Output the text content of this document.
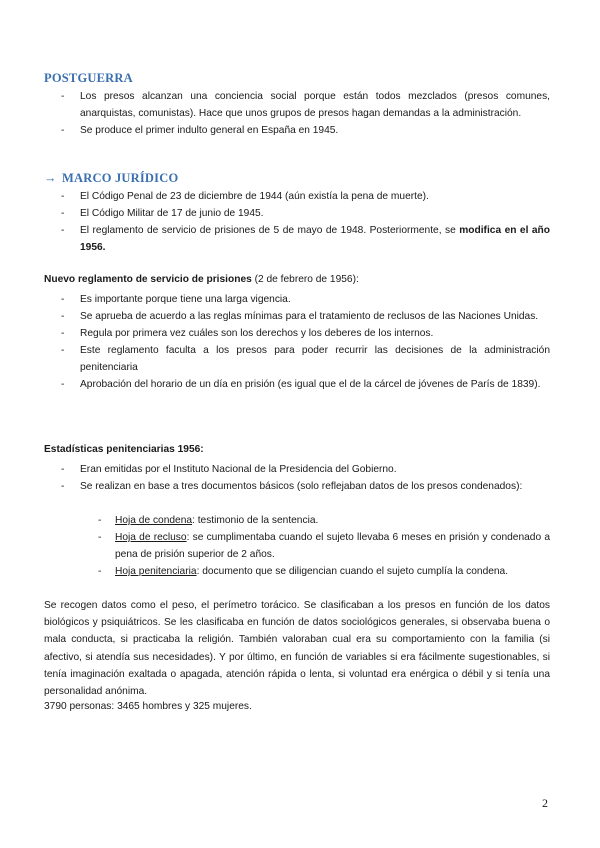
POSTGUERRA
- Los presos alcanzan una conciencia social porque están todos mezclados (presos comunes, anarquistas, comunistas). Hace que unos grupos de presos hagan demandas a la administración.
- Se produce el primer indulto general en España en 1945.
→ MARCO JURÍDICO
- El Código Penal de 23 de diciembre de 1944 (aún existía la pena de muerte).
- El Código Militar de 17 de junio de 1945.
- El reglamento de servicio de prisiones de 5 de mayo de 1948. Posteriormente, se modifica en el año 1956.
Nuevo reglamento de servicio de prisiones (2 de febrero de 1956):
- Es importante porque tiene una larga vigencia.
- Se aprueba de acuerdo a las reglas mínimas para el tratamiento de reclusos de las Naciones Unidas.
- Regula por primera vez cuáles son los derechos y los deberes de los internos.
- Este reglamento faculta a los presos para poder recurrir las decisiones de la administración penitenciaria
- Aprobación del horario de un día en prisión (es igual que el de la cárcel de jóvenes de París de 1839).
Estadísticas penitenciarias 1956:
- Eran emitidas por el Instituto Nacional de la Presidencia del Gobierno.
- Se realizan en base a tres documentos básicos (solo reflejaban datos de los presos condenados):
- Hoja de condena: testimonio de la sentencia.
- Hoja de recluso: se cumplimentaba cuando el sujeto llevaba 6 meses en prisión y condenado a pena de prisión superior de 2 años.
- Hoja penitenciaria: documento que se diligencian cuando el sujeto cumplía la condena.
Se recogen datos como el peso, el perímetro torácico. Se clasificaban a los presos en función de los datos biológicos y psiquiátricos. Se les clasificaba en función de datos sociológicos generales, si observaba buena o mala conducta, si practicaba la religión. También valoraban cual era su comportamiento con la familia (si afectivo, si atendía sus necesidades). Y por último, en función de variables si era fácilmente sugestionables, si tenía imaginación exaltada o apagada, atención rápida o lenta, si voluntad era enérgica o débil y si tenía una personalidad anónima.
3790 personas: 3465 hombres y 325 mujeres.
2
